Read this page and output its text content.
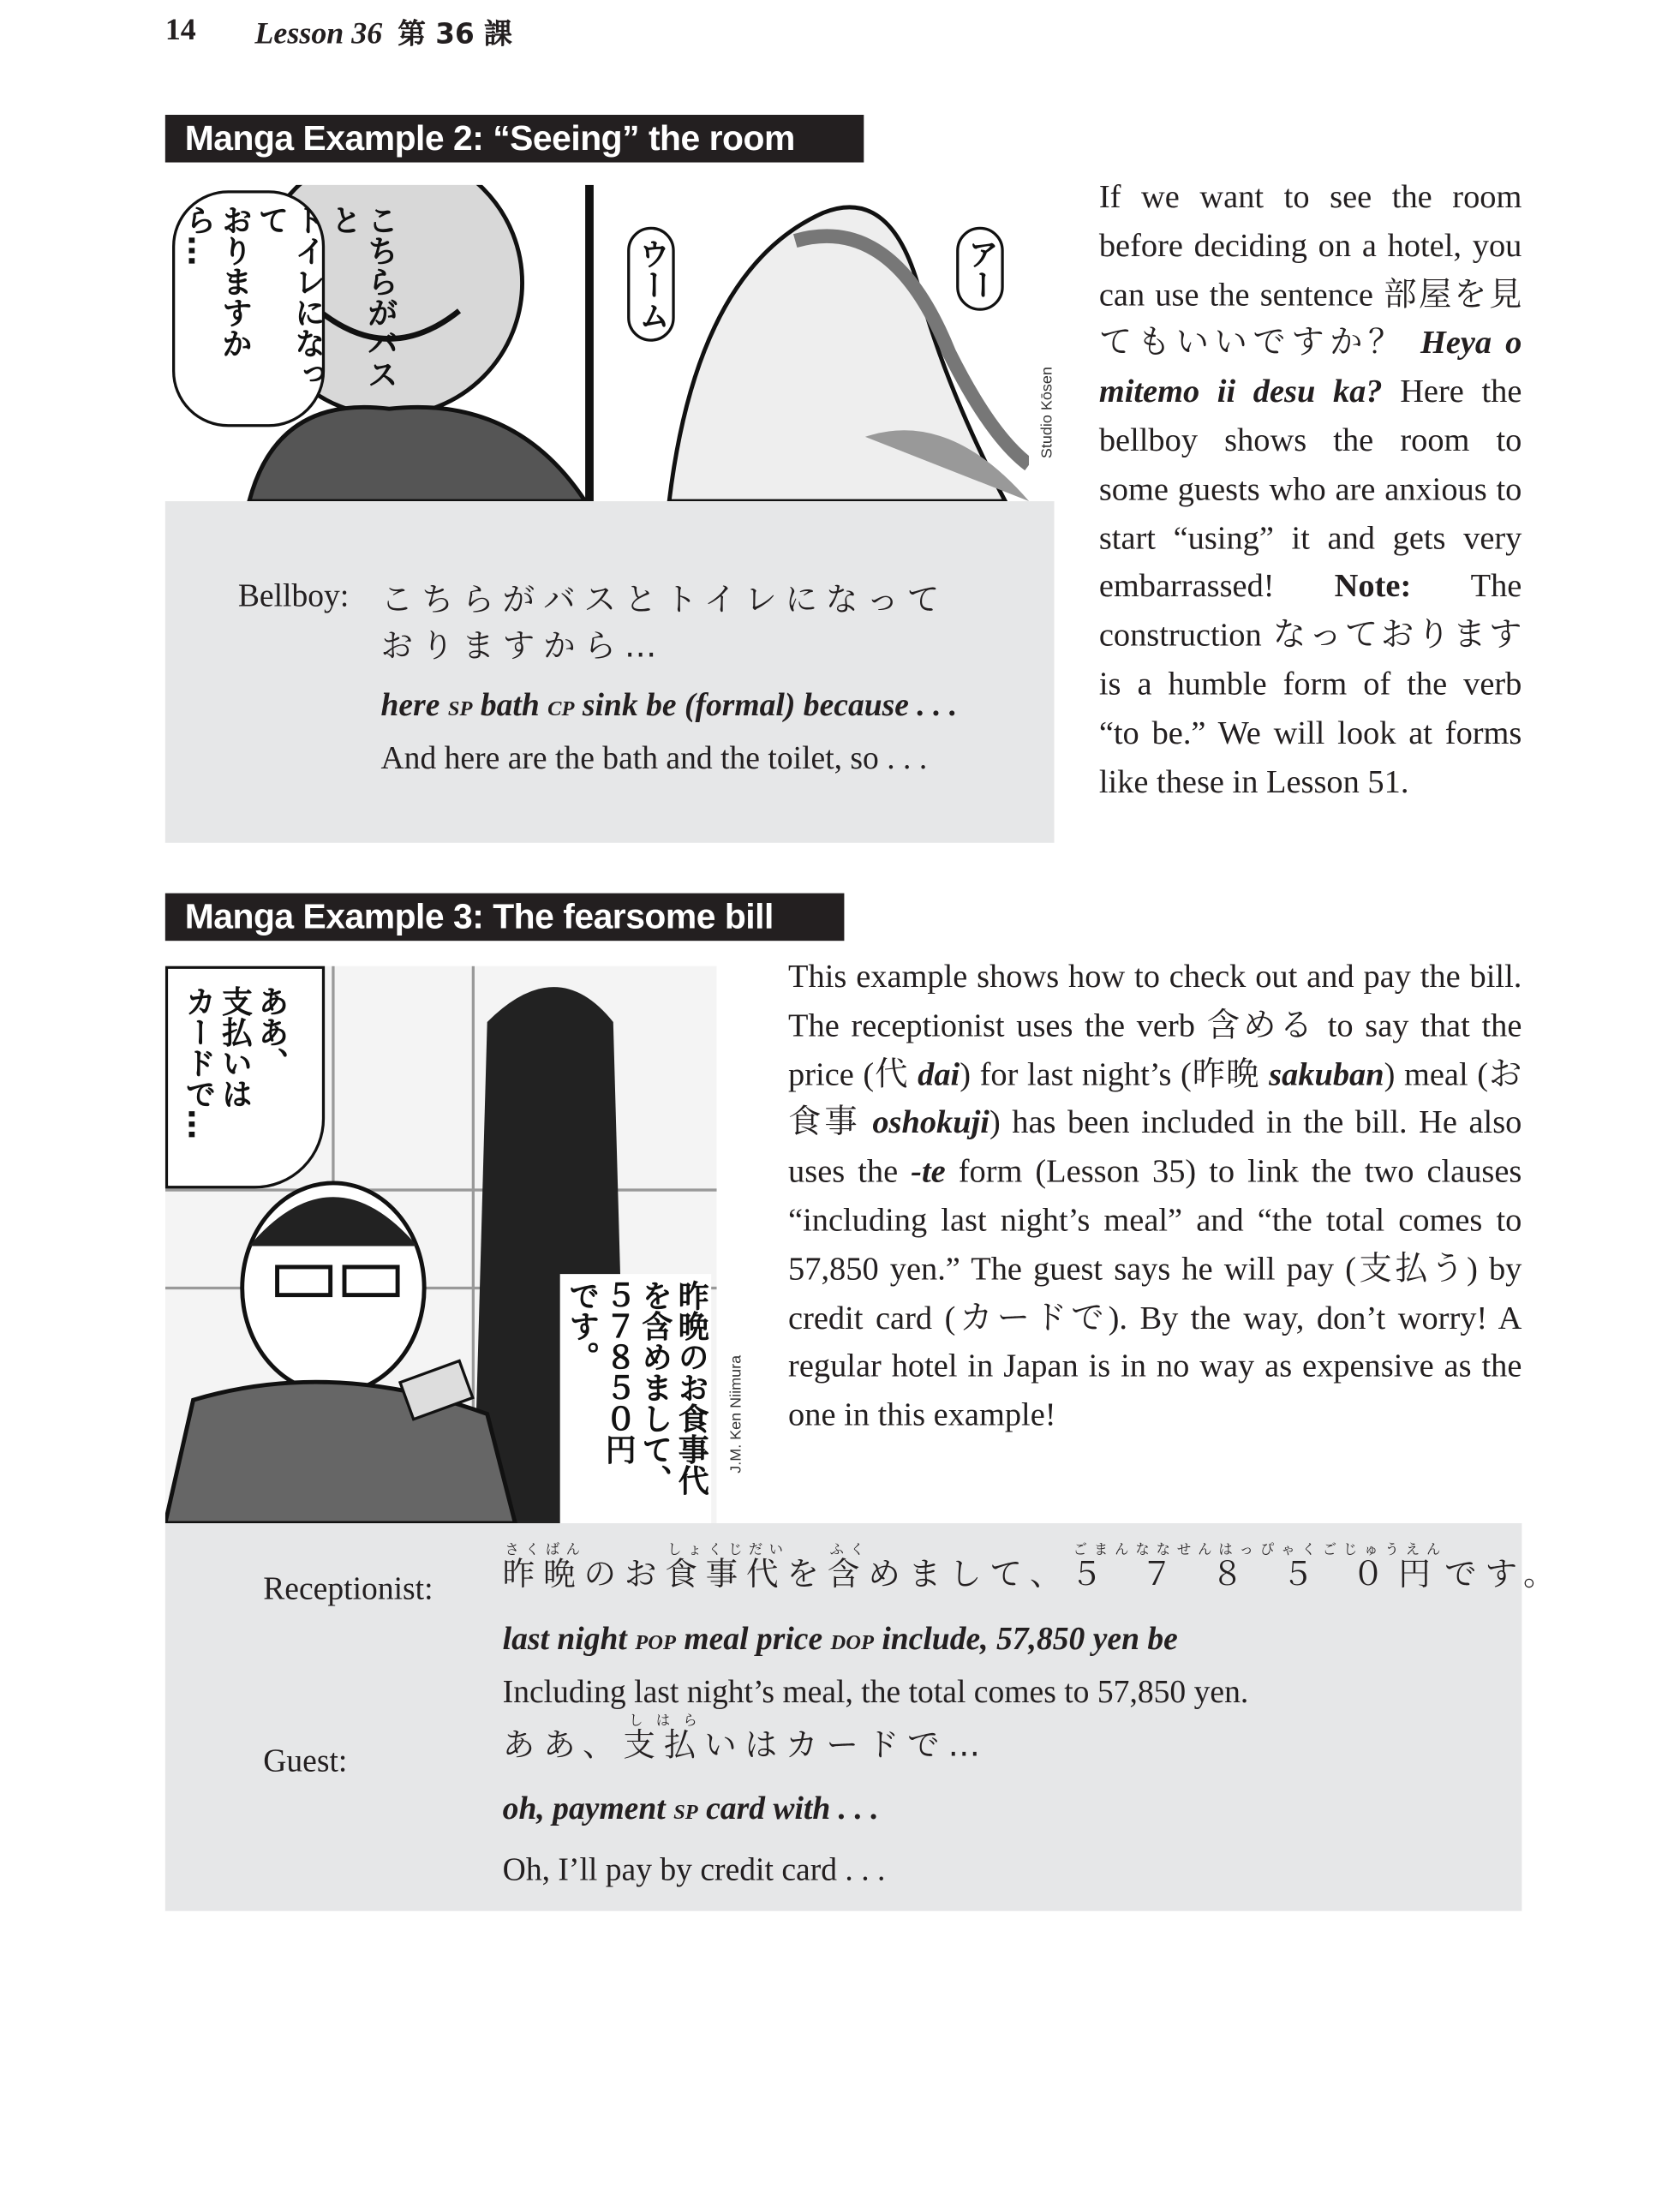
14	Lesson 36 第 36 課
Manga Example 2: “Seeing” the room
こちらがバスと
トイレになって
おりますから…
ウーム	アー
Studio Kōsen
Bellboy: こちらがバスとトイレになって
おりますから…
here sp bath cp sink be (formal) because . . .
And here are the bath and the toilet, so . . .
If we want to see the room before deciding on a hotel, you can use the sentence 部屋を見てもいいですか？ Heya o mitemo ii desu ka? Here the bellboy shows the room to some guests who are anxious to start “using” it and gets very embarrassed! Note: The construction なっております is a humble form of the verb “to be.” We will look at forms like these in Lesson 51.
Manga Example 3: The fearsome bill
ああ、
支払いは
カードで…
昨晩のお食事代
を含めまして、
５７８５０円
です。
J.M. Ken Niimura
This example shows how to check out and pay the bill. The receptionist uses the verb 含める to say that the price (代 dai) for last night’s (昨晩 sakuban) meal (お食事 oshokuji) has been included in the bill. He also uses the -te form (Lesson 35) to link the two clauses “including last night’s meal” and “the total comes to 57,850 yen.” The guest says he will pay (支払う) by credit card (カードで). By the way, don’t worry! A regular hotel in Japan is in no way as expensive as the one in this example!
Receptionist:	昨晩さくばんのお食事代しょくじだいを含ふくめまして、５ ７ ８ ５ ０円ごまんななせんはっぴゃくごじゅうえんです。
last night pop meal price dop include, 57,850 yen be
Including last night’s meal, the total comes to 57,850 yen.
Guest:	ああ、支払しはらいはカードで…
oh, payment sp card with . . .
Oh, I’ll pay by credit card . . .
